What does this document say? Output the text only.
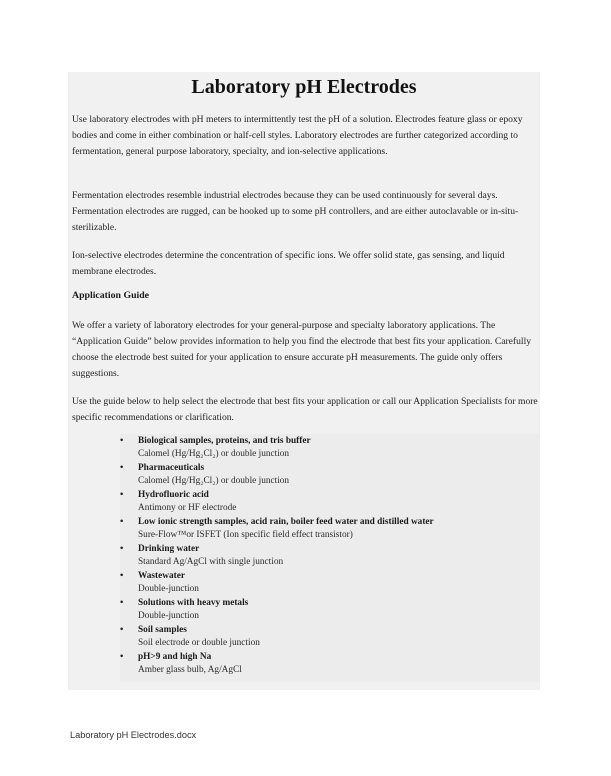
Laboratory pH Electrodes

Use laboratory electrodes with pH meters to intermittently test the pH of a solution. Electrodes feature glass or epoxy bodies and come in either combination or half-cell styles. Laboratory electrodes are further categorized according to fermentation, general purpose laboratory, specialty, and ion-selective applications.

Fermentation electrodes resemble industrial electrodes because they can be used continuously for several days. Fermentation electrodes are rugged, can be hooked up to some pH controllers, and are either autoclavable or in-situ-sterilizable.

Ion-selective electrodes determine the concentration of specific ions. We offer solid state, gas sensing, and liquid membrane electrodes.

Application Guide

We offer a variety of laboratory electrodes for your general-purpose and specialty laboratory applications. The “Application Guide” below provides information to help you find the electrode that best fits your application. Carefully choose the electrode best suited for your application to ensure accurate pH measurements. The guide only offers suggestions.

Use the guide below to help select the electrode that best fits your application or call our Application Specialists for more specific recommendations or clarification.

• Biological samples, proteins, and tris buffer
Calomel (Hg/Hg₂Cl₂) or double junction
• Pharmaceuticals
Calomel (Hg/Hg₂Cl₂) or double junction
• Hydrofluoric acid
Antimony or HF electrode
• Low ionic strength samples, acid rain, boiler feed water and distilled water
Sure-Flow™or ISFET (Ion specific field effect transistor)
• Drinking water
Standard Ag/AgCl with single junction
• Wastewater
Double-junction
• Solutions with heavy metals
Double-junction
• Soil samples
Soil electrode or double junction
• pH>9 and high Na
Amber glass bulb, Ag/AgCl
Laboratory pH Electrodes.docx
